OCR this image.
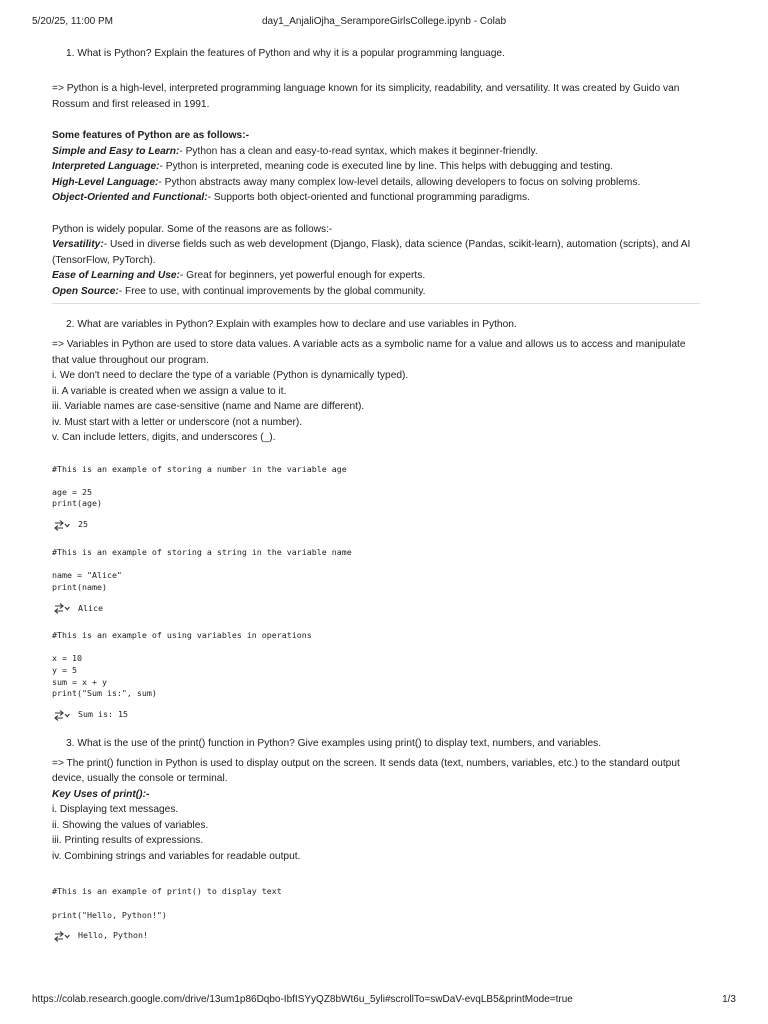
5/20/25, 11:00 PM	day1_AnjaliOjha_SeramporeGirlsCollege.ipynb - Colab

1. What is Python? Explain the features of Python and why it is a popular programming language.

=> Python is a high-level, interpreted programming language known for its simplicity, readability, and versatility. It was created by Guido van Rossum and first released in 1991.

Some features of Python are as follows:-

Simple and Easy to Learn:- Python has a clean and easy-to-read syntax, which makes it beginner-friendly.

Interpreted Language:- Python is interpreted, meaning code is executed line by line. This helps with debugging and testing.

High-Level Language:- Python abstracts away many complex low-level details, allowing developers to focus on solving problems.

Object-Oriented and Functional:- Supports both object-oriented and functional programming paradigms.

Python is widely popular. Some of the reasons are as follows:-

Versatility:- Used in diverse fields such as web development (Django, Flask), data science (Pandas, scikit-learn), automation (scripts), and AI (TensorFlow, PyTorch).

Ease of Learning and Use:- Great for beginners, yet powerful enough for experts.

Open Source:- Free to use, with continual improvements by the global community.

2. What are variables in Python? Explain with examples how to declare and use variables in Python.

=> Variables in Python are used to store data values. A variable acts as a symbolic name for a value and allows us to access and manipulate that value throughout our program.

i. We don't need to declare the type of a variable (Python is dynamically typed).

ii. A variable is created when we assign a value to it.

iii. Variable names are case-sensitive (name and Name are different).

iv. Must start with a letter or underscore (not a number).

v. Can include letters, digits, and underscores (_).

#This is an example of storing a number in the variable age

age = 25
print(age)
25
#This is an example of storing a string in the variable name

name = "Alice"
print(name)
Alice
#This is an example of using variables in operations

x = 10
y = 5
sum = x + y
print("Sum is:", sum)
Sum is: 15

3. What is the use of the print() function in Python? Give examples using print() to display text, numbers, and variables.

=> The print() function in Python is used to display output on the screen. It sends data (text, numbers, variables, etc.) to the standard output device, usually the console or terminal.

Key Uses of print():-

i. Displaying text messages.

ii. Showing the values of variables.

iii. Printing results of expressions.

iv. Combining strings and variables for readable output.

#This is an example of print() to display text

print("Hello, Python!")
Hello, Python!
https://colab.research.google.com/drive/13um1p86Dqbo-IbfISYyQZ8bWt6u_5yli#scrollTo=swDaV-evqLB5&printMode=true	1/3
